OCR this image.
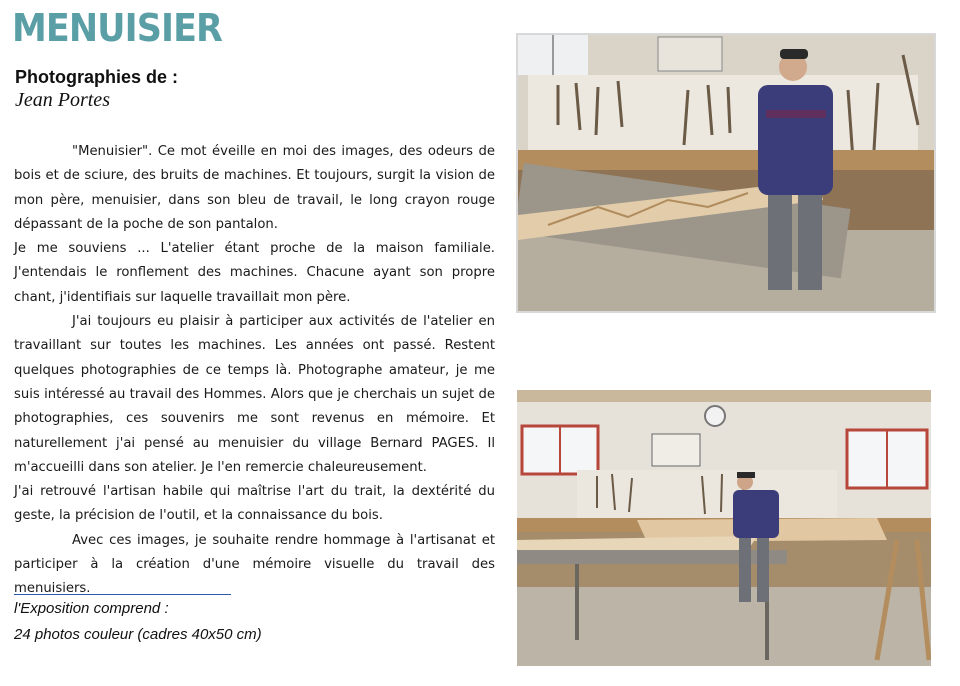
MENUISIER
Photographies de :
Jean Portes

"Menuisier". Ce mot éveille en moi des images, des odeurs de bois et de sciure, des bruits de machines. Et toujours, surgit la vision de mon père, menuisier, dans son bleu de travail, le long crayon rouge dépassant de la poche de son pantalon.

Je me souviens ... L'atelier étant proche de la maison familiale. J'entendais le ronflement des machines. Chacune ayant son propre chant, j'identifiais sur laquelle travaillait mon père.

J'ai toujours eu plaisir à participer aux activités de l'atelier en travaillant sur toutes les machines. Les années ont passé. Restent quelques photographies de ce temps là. Photographe amateur, je me suis intéressé au travail des Hommes. Alors que je cherchais un sujet de photographies, ces souvenirs me sont revenus en mémoire. Et naturellement j'ai pensé au menuisier du village Bernard PAGES. Il m'accueilli dans son atelier. Je l'en remercie chaleureusement.

J'ai retrouvé l'artisan habile qui maîtrise l'art du trait, la dextérité du geste, la précision de l'outil, et la connaissance du bois.

Avec ces images, je souhaite rendre hommage à l'artisanat et participer à la création d'une mémoire visuelle du travail des menuisiers.

l'Exposition comprend :
24 photos couleur (cadres 40x50 cm)
